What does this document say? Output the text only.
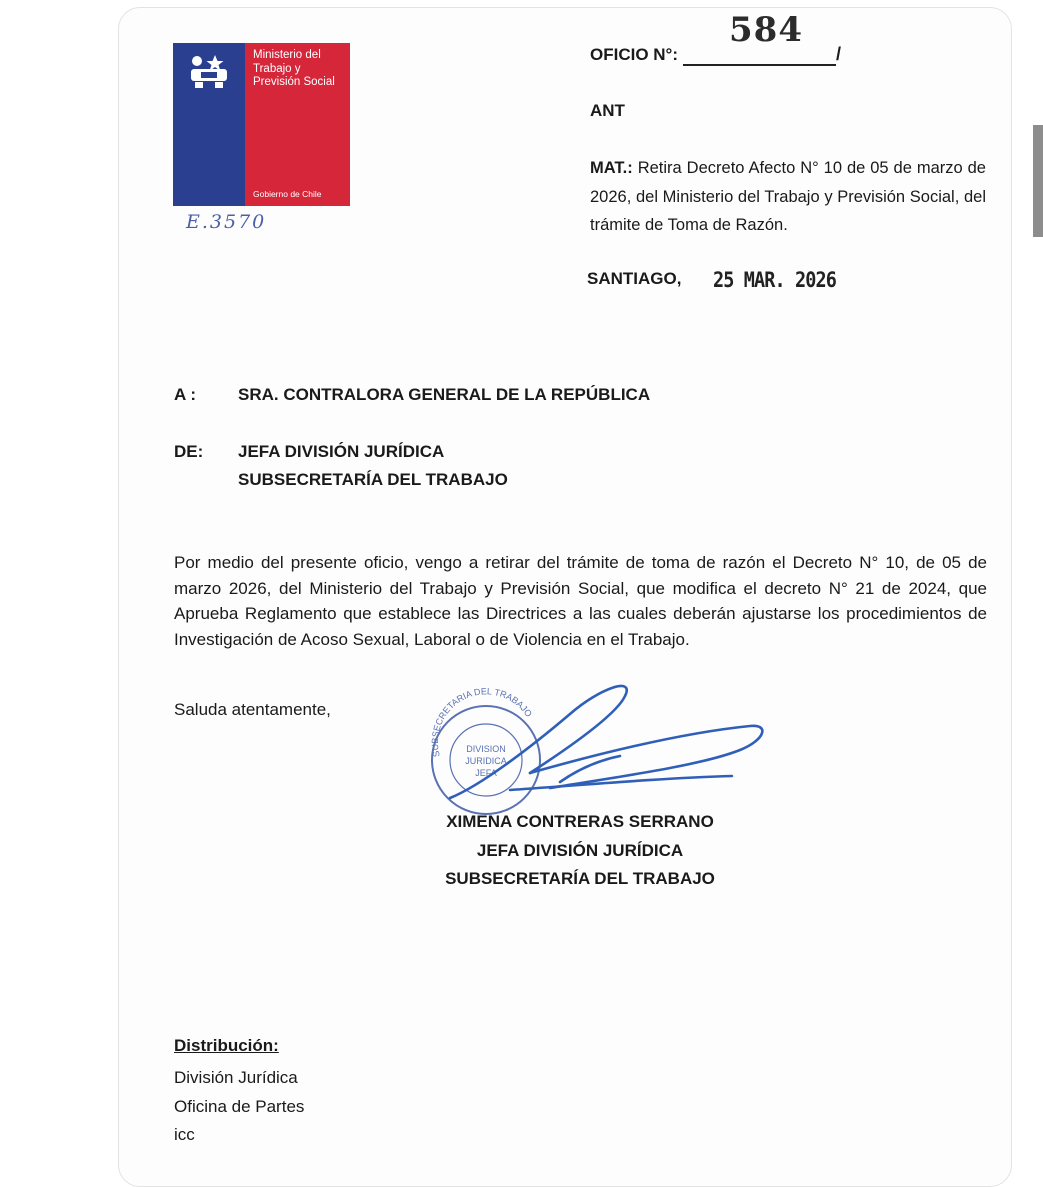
Ministerio del Trabajo y Previsión Social
Gobierno de Chile
E.3570
584
OFICIO N°:	/
ANT
MAT.: Retira Decreto Afecto N° 10 de 05 de marzo de 2026, del Ministerio del Trabajo y Previsión Social, del trámite de Toma de Razón.
SANTIAGO, 25 MAR. 2026
A : SRA. CONTRALORA GENERAL DE LA REPÚBLICA
DE: JEFA DIVISIÓN JURÍDICA
SUBSECRETARÍA DEL TRABAJO
Por medio del presente oficio, vengo a retirar del trámite de toma de razón el Decreto N° 10, de 05 de marzo 2026, del Ministerio del Trabajo y Previsión Social, que modifica el decreto N° 21 de 2024, que Aprueba Reglamento que establece las Directrices a las cuales deberán ajustarse los procedimientos de Investigación de Acoso Sexual, Laboral o de Violencia en el Trabajo.
Saluda atentamente,
SUBSECRETARIA DEL TRABAJO
DIVISION
JURIDICA
JEFA
XIMENA CONTRERAS SERRANO
JEFA DIVISIÓN JURÍDICA
SUBSECRETARÍA DEL TRABAJO
Distribución:
División Jurídica
Oficina de Partes
icc
